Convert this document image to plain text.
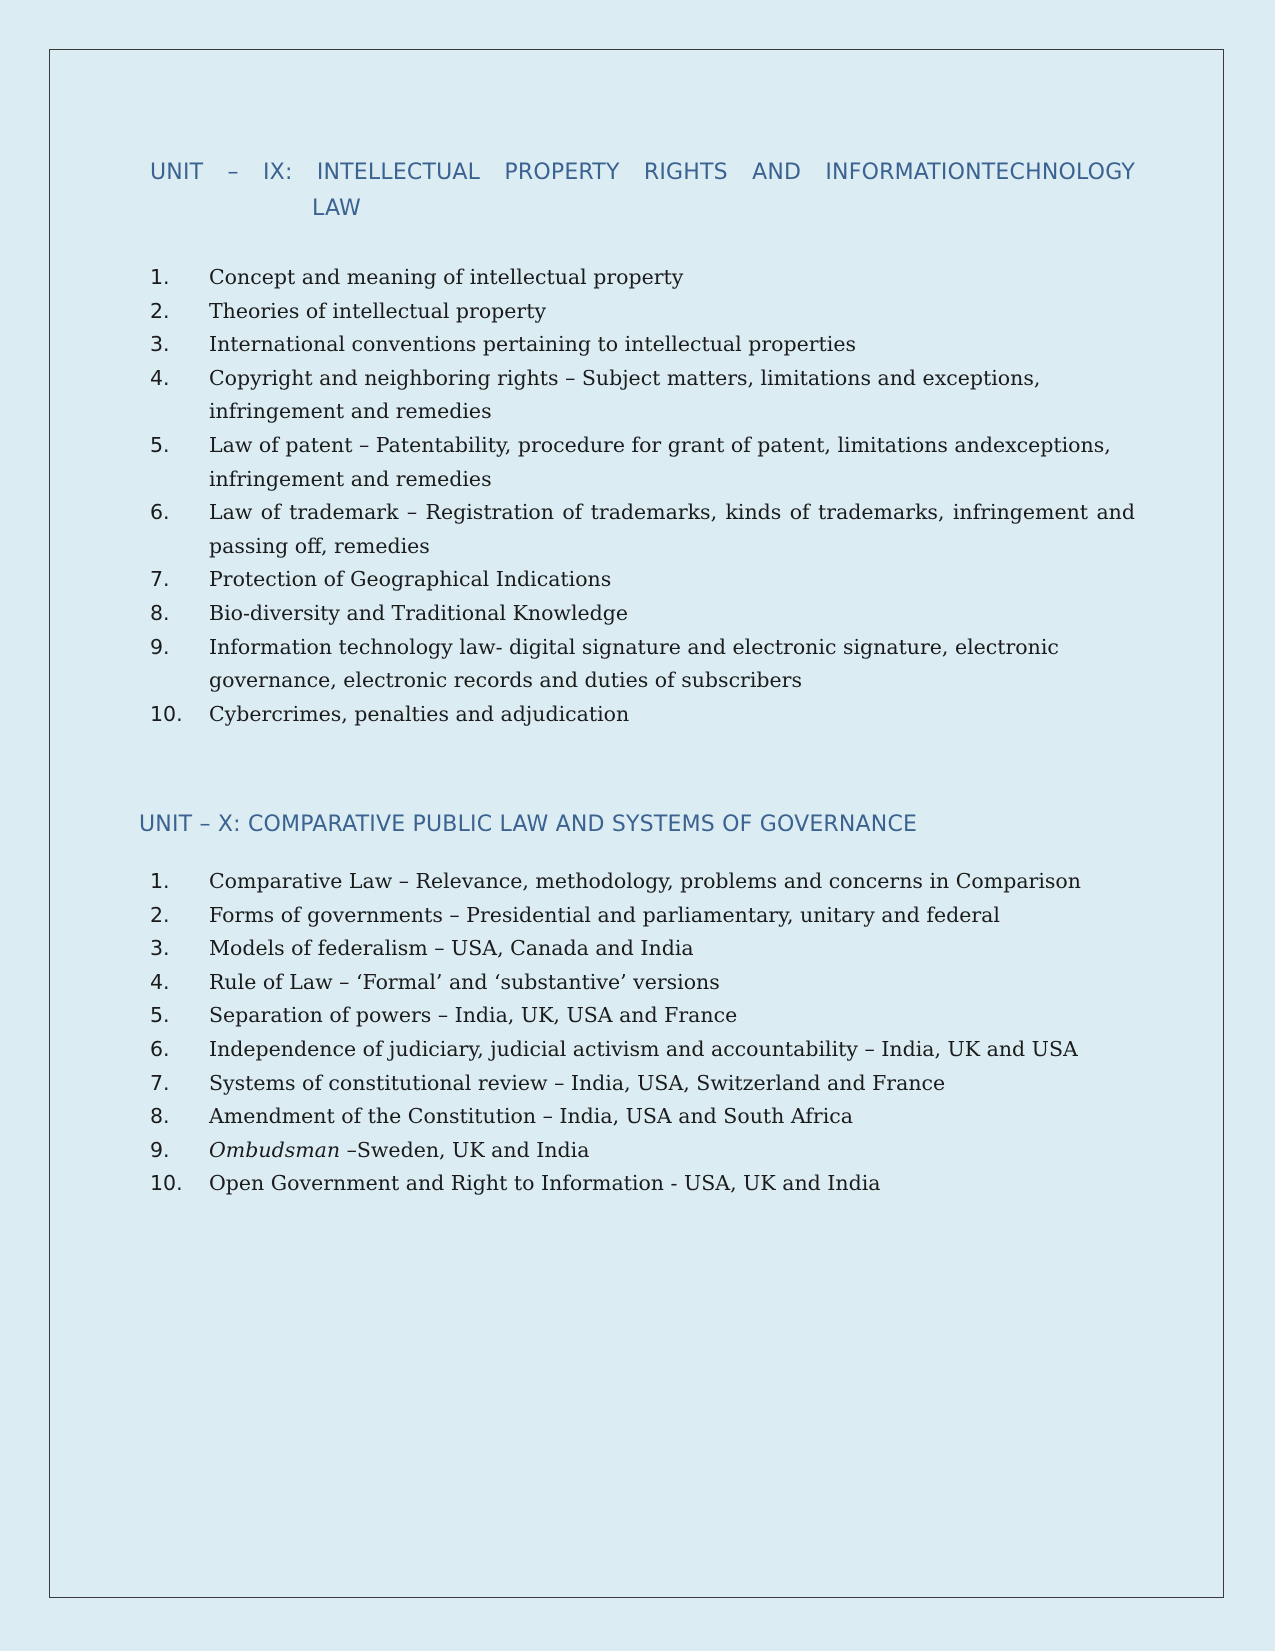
UNIT – IX: INTELLECTUAL PROPERTY RIGHTS AND INFORMATIONTECHNOLOGY
LAW
1. Concept and meaning of intellectual property
2. Theories of intellectual property
3. International conventions pertaining to intellectual properties
4. Copyright and neighboring rights – Subject matters, limitations and exceptions, infringement and remedies
5. Law of patent – Patentability, procedure for grant of patent, limitations andexceptions, infringement and remedies
6. Law of trademark – Registration of trademarks, kinds of trademarks, infringement and passing off, remedies
7. Protection of Geographical Indications
8. Bio-diversity and Traditional Knowledge
9. Information technology law- digital signature and electronic signature, electronic governance, electronic records and duties of subscribers
10. Cybercrimes, penalties and adjudication
UNIT – X: COMPARATIVE PUBLIC LAW AND SYSTEMS OF GOVERNANCE
1. Comparative Law – Relevance, methodology, problems and concerns in Comparison
2. Forms of governments – Presidential and parliamentary, unitary and federal
3. Models of federalism – USA, Canada and India
4. Rule of Law – ‘Formal’ and ‘substantive’ versions
5. Separation of powers – India, UK, USA and France
6. Independence of judiciary, judicial activism and accountability – India, UK and USA
7. Systems of constitutional review – India, USA, Switzerland and France
8. Amendment of the Constitution – India, USA and South Africa
9. Ombudsman –Sweden, UK and India
10. Open Government and Right to Information - USA, UK and India
